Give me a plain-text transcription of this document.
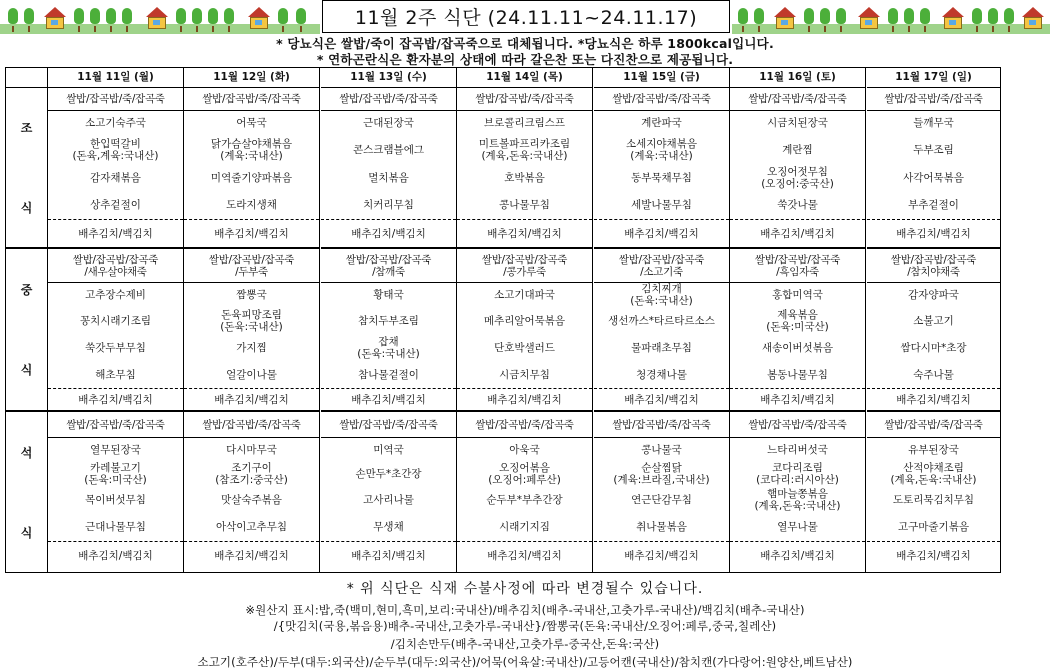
11월 2주 식단 (24.11.11~24.11.17)
* 당뇨식은 쌀밥/죽이 잡곡밥/잡곡죽으로 대체됩니다. *당뇨식은 하루 1800kcal입니다.
* 연하곤란식은 환자분의 상태에 따라 갈은찬 또는 다진찬으로 제공됩니다.
조
식
중
식
석
식
11월 11일 (월)
쌀밥/잡곡밥/죽/잡곡죽
소고기숙주국
한입떡갈비
(돈육,계육:국내산)
감자채볶음
상추겉절이
배추김치/백김치
쌀밥/잡곡밥/잡곡죽
/새우살야채죽
고추장수제비
꽁치시래기조림
쑥갓두부무침
해초무침
배추김치/백김치
쌀밥/잡곡밥/죽/잡곡죽
열무된장국
카레불고기
(돈육:미국산)
목이버섯무침
근대나물무침
배추김치/백김치
11월 12일 (화)
쌀밥/잡곡밥/죽/잡곡죽
어묵국
닭가슴살야채볶음
(계육:국내산)
미역줄기양파볶음
도라지생채
배추김치/백김치
쌀밥/잡곡밥/잡곡죽
/두부죽
짬뽕국
돈육피망조림
(돈육:국내산)
가지찜
얼갈이나물
배추김치/백김치
쌀밥/잡곡밥/죽/잡곡죽
다시마무국
조기구이
(참조기:중국산)
맛살숙주볶음
아삭이고추무침
배추김치/백김치
11월 13일 (수)
쌀밥/잡곡밥/죽/잡곡죽
근대된장국
콘스크램블에그
멸치볶음
치커리무침
배추김치/백김치
쌀밥/잡곡밥/잡곡죽
/참깨죽
황태국
참치두부조림
잡채
(돈육:국내산)
참나물겉절이
배추김치/백김치
쌀밥/잡곡밥/죽/잡곡죽
미역국
손만두*초간장
고사리나물
무생채
배추김치/백김치
11월 14일 (목)
쌀밥/잡곡밥/죽/잡곡죽
브로콜리크림스프
미트볼파프리카조림
(계육,돈육:국내산)
호박볶음
콩나물무침
배추김치/백김치
쌀밥/잡곡밥/잡곡죽
/콩가루죽
소고기대파국
메추리알어묵볶음
단호박샐러드
시금치무침
배추김치/백김치
쌀밥/잡곡밥/죽/잡곡죽
아욱국
오징어볶음
(오징어:페루산)
순두부*부추간장
시래기지짐
배추김치/백김치
11월 15일 (금)
쌀밥/잡곡밥/죽/잡곡죽
계란파국
소세지야채볶음
(계육:국내산)
동부묵채무침
세발나물무침
배추김치/백김치
쌀밥/잡곡밥/잡곡죽
/소고기죽
김치찌개
(돈육:국내산)
생선까스*타르타르소스
물파래초무침
청경채나물
배추김치/백김치
쌀밥/잡곡밥/죽/잡곡죽
콩나물국
순살찜닭
(계육:브라질,국내산)
연근단감무침
취나물볶음
배추김치/백김치
11월 16일 (토)
쌀밥/잡곡밥/죽/잡곡죽
시금치된장국
계란찜
오징어젓무침
(오징어:중국산)
쑥갓나물
배추김치/백김치
쌀밥/잡곡밥/잡곡죽
/흑임자죽
홍합미역국
제육볶음
(돈육:미국산)
새송이버섯볶음
봄동나물무침
배추김치/백김치
쌀밥/잡곡밥/죽/잡곡죽
느타리버섯국
코다리조림
(코다리:러시아산)
햄마늘쫑볶음
(계육,돈육:국내산)
열무나물
배추김치/백김치
11월 17일 (일)
쌀밥/잡곡밥/죽/잡곡죽
들깨무국
두부조림
사각어묵볶음
부추겉절이
배추김치/백김치
쌀밥/잡곡밥/잡곡죽
/참치야채죽
감자양파국
소불고기
쌈다시마*초장
숙주나물
배추김치/백김치
쌀밥/잡곡밥/죽/잡곡죽
유부된장국
산적야채조림
(계육,돈육:국내산)
도토리묵김치무침
고구마줄기볶음
배추김치/백김치
* 위 식단은 식재 수불사정에 따라 변경될수 있습니다.
※원산지 표시:밥,죽(백미,현미,흑미,보리:국내산)/배추김치(배추-국내산,고춧가루-국내산)/백김치(배추-국내산)
/{맛김치(국용,볶음용)배추-국내산,고춧가루-국내산}/짬뽕국(돈육:국내산/오징어:페루,중국,칠레산)
/김치손만두(배추-국내산,고춧가루-중국산,돈육:국산)
소고기(호주산)/두부(대두:외국산)/순두부(대두:외국산)/어묵(어육살:국내산)/고등어캔(국내산)/참치캔(가다랑어:원양산,베트남산)
